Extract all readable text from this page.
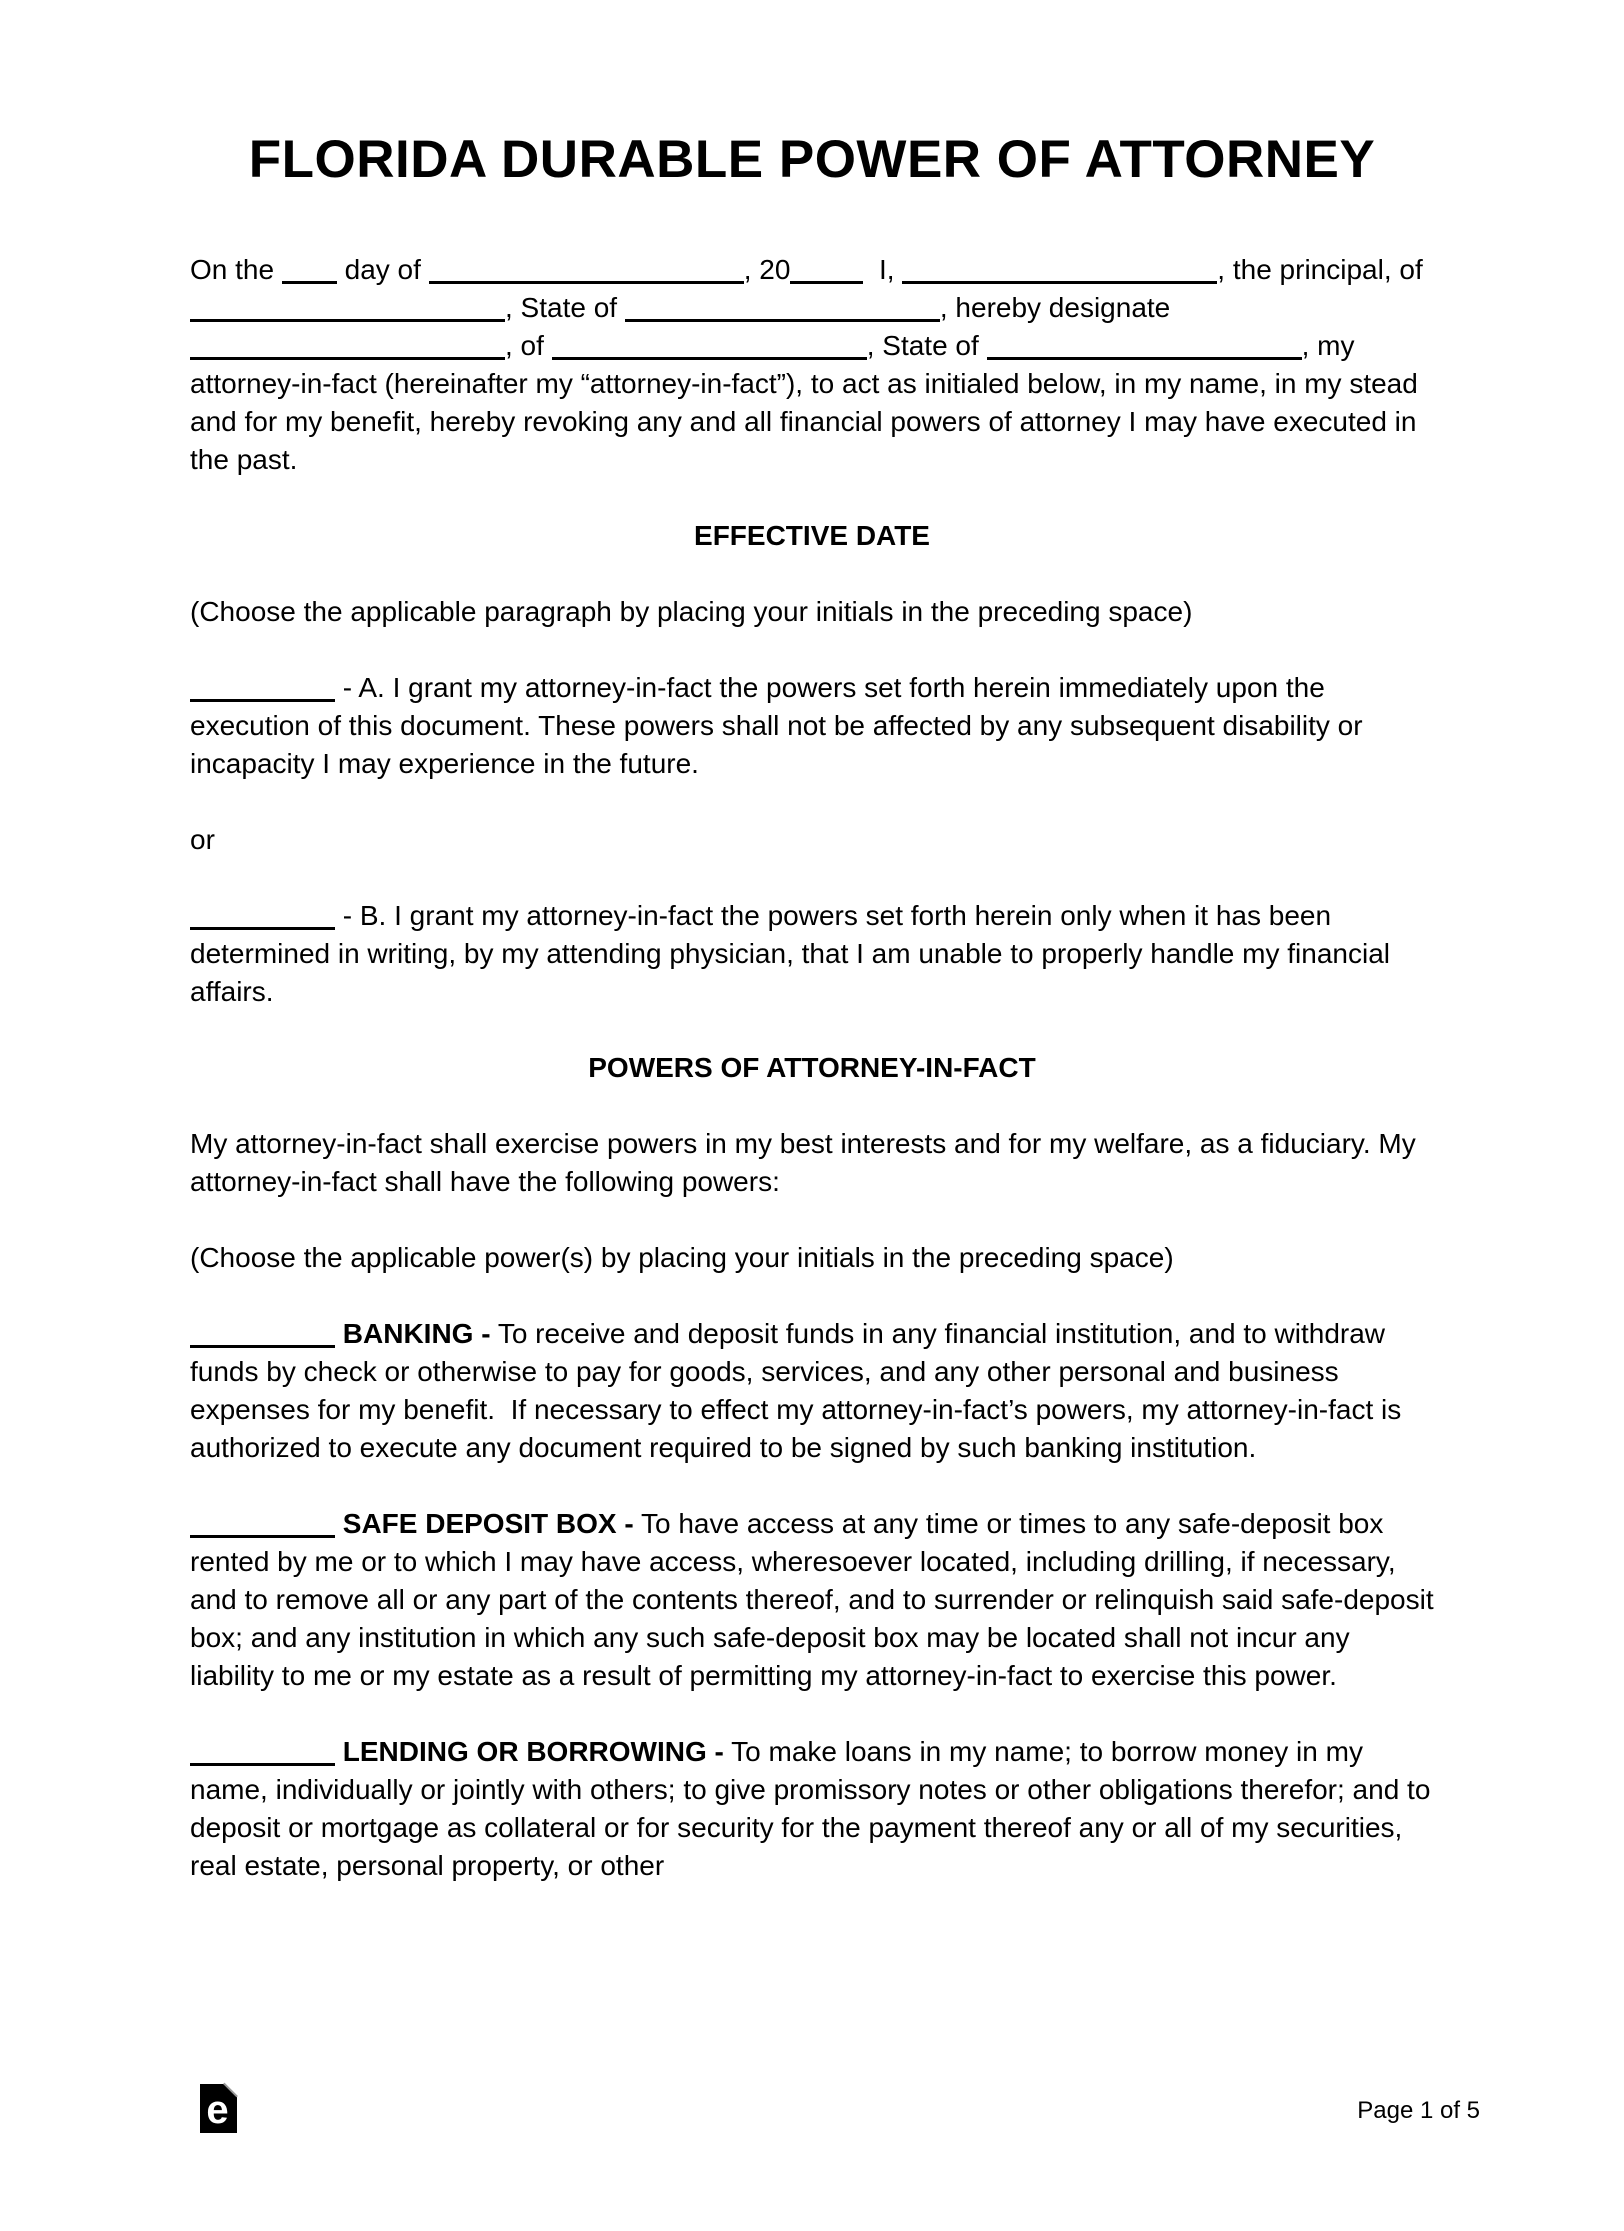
FLORIDA DURABLE POWER OF ATTORNEY

On the  day of	, 20	I,	, the principal, of , State of	, hereby designate , of	, State of	, my attorney-in-fact (hereinafter my “attorney-in-fact”), to act as initialed below, in my name, in my stead and for my benefit, hereby revoking any and all financial powers of attorney I may have executed in the past.

EFFECTIVE DATE

(Choose the applicable paragraph by placing your initials in the preceding space)

- A. I grant my attorney-in-fact the powers set forth herein immediately upon the execution of this document. These powers shall not be affected by any subsequent disability or incapacity I may experience in the future.

or

- B. I grant my attorney-in-fact the powers set forth herein only when it has been determined in writing, by my attending physician, that I am unable to properly handle my financial affairs.

POWERS OF ATTORNEY-IN-FACT

My attorney-in-fact shall exercise powers in my best interests and for my welfare, as a fiduciary. My attorney-in-fact shall have the following powers:

(Choose the applicable power(s) by placing your initials in the preceding space)

BANKING - To receive and deposit funds in any financial institution, and to withdraw funds by check or otherwise to pay for goods, services, and any other personal and business expenses for my benefit.  If necessary to effect my attorney-in-fact’s powers, my attorney-in-fact is authorized to execute any document required to be signed by such banking institution.

SAFE DEPOSIT BOX - To have access at any time or times to any safe-deposit box rented by me or to which I may have access, wheresoever located, including drilling, if necessary, and to remove all or any part of the contents thereof, and to surrender or relinquish said safe-deposit box; and any institution in which any such safe-deposit box may be located shall not incur any liability to me or my estate as a result of permitting my attorney-in-fact to exercise this power.

LENDING OR BORROWING - To make loans in my name; to borrow money in my name, individually or jointly with others; to give promissory notes or other obligations therefor; and to deposit or mortgage as collateral or for security for the payment thereof any or all of my securities, real estate, personal property, or other

e	Page 1 of 5
